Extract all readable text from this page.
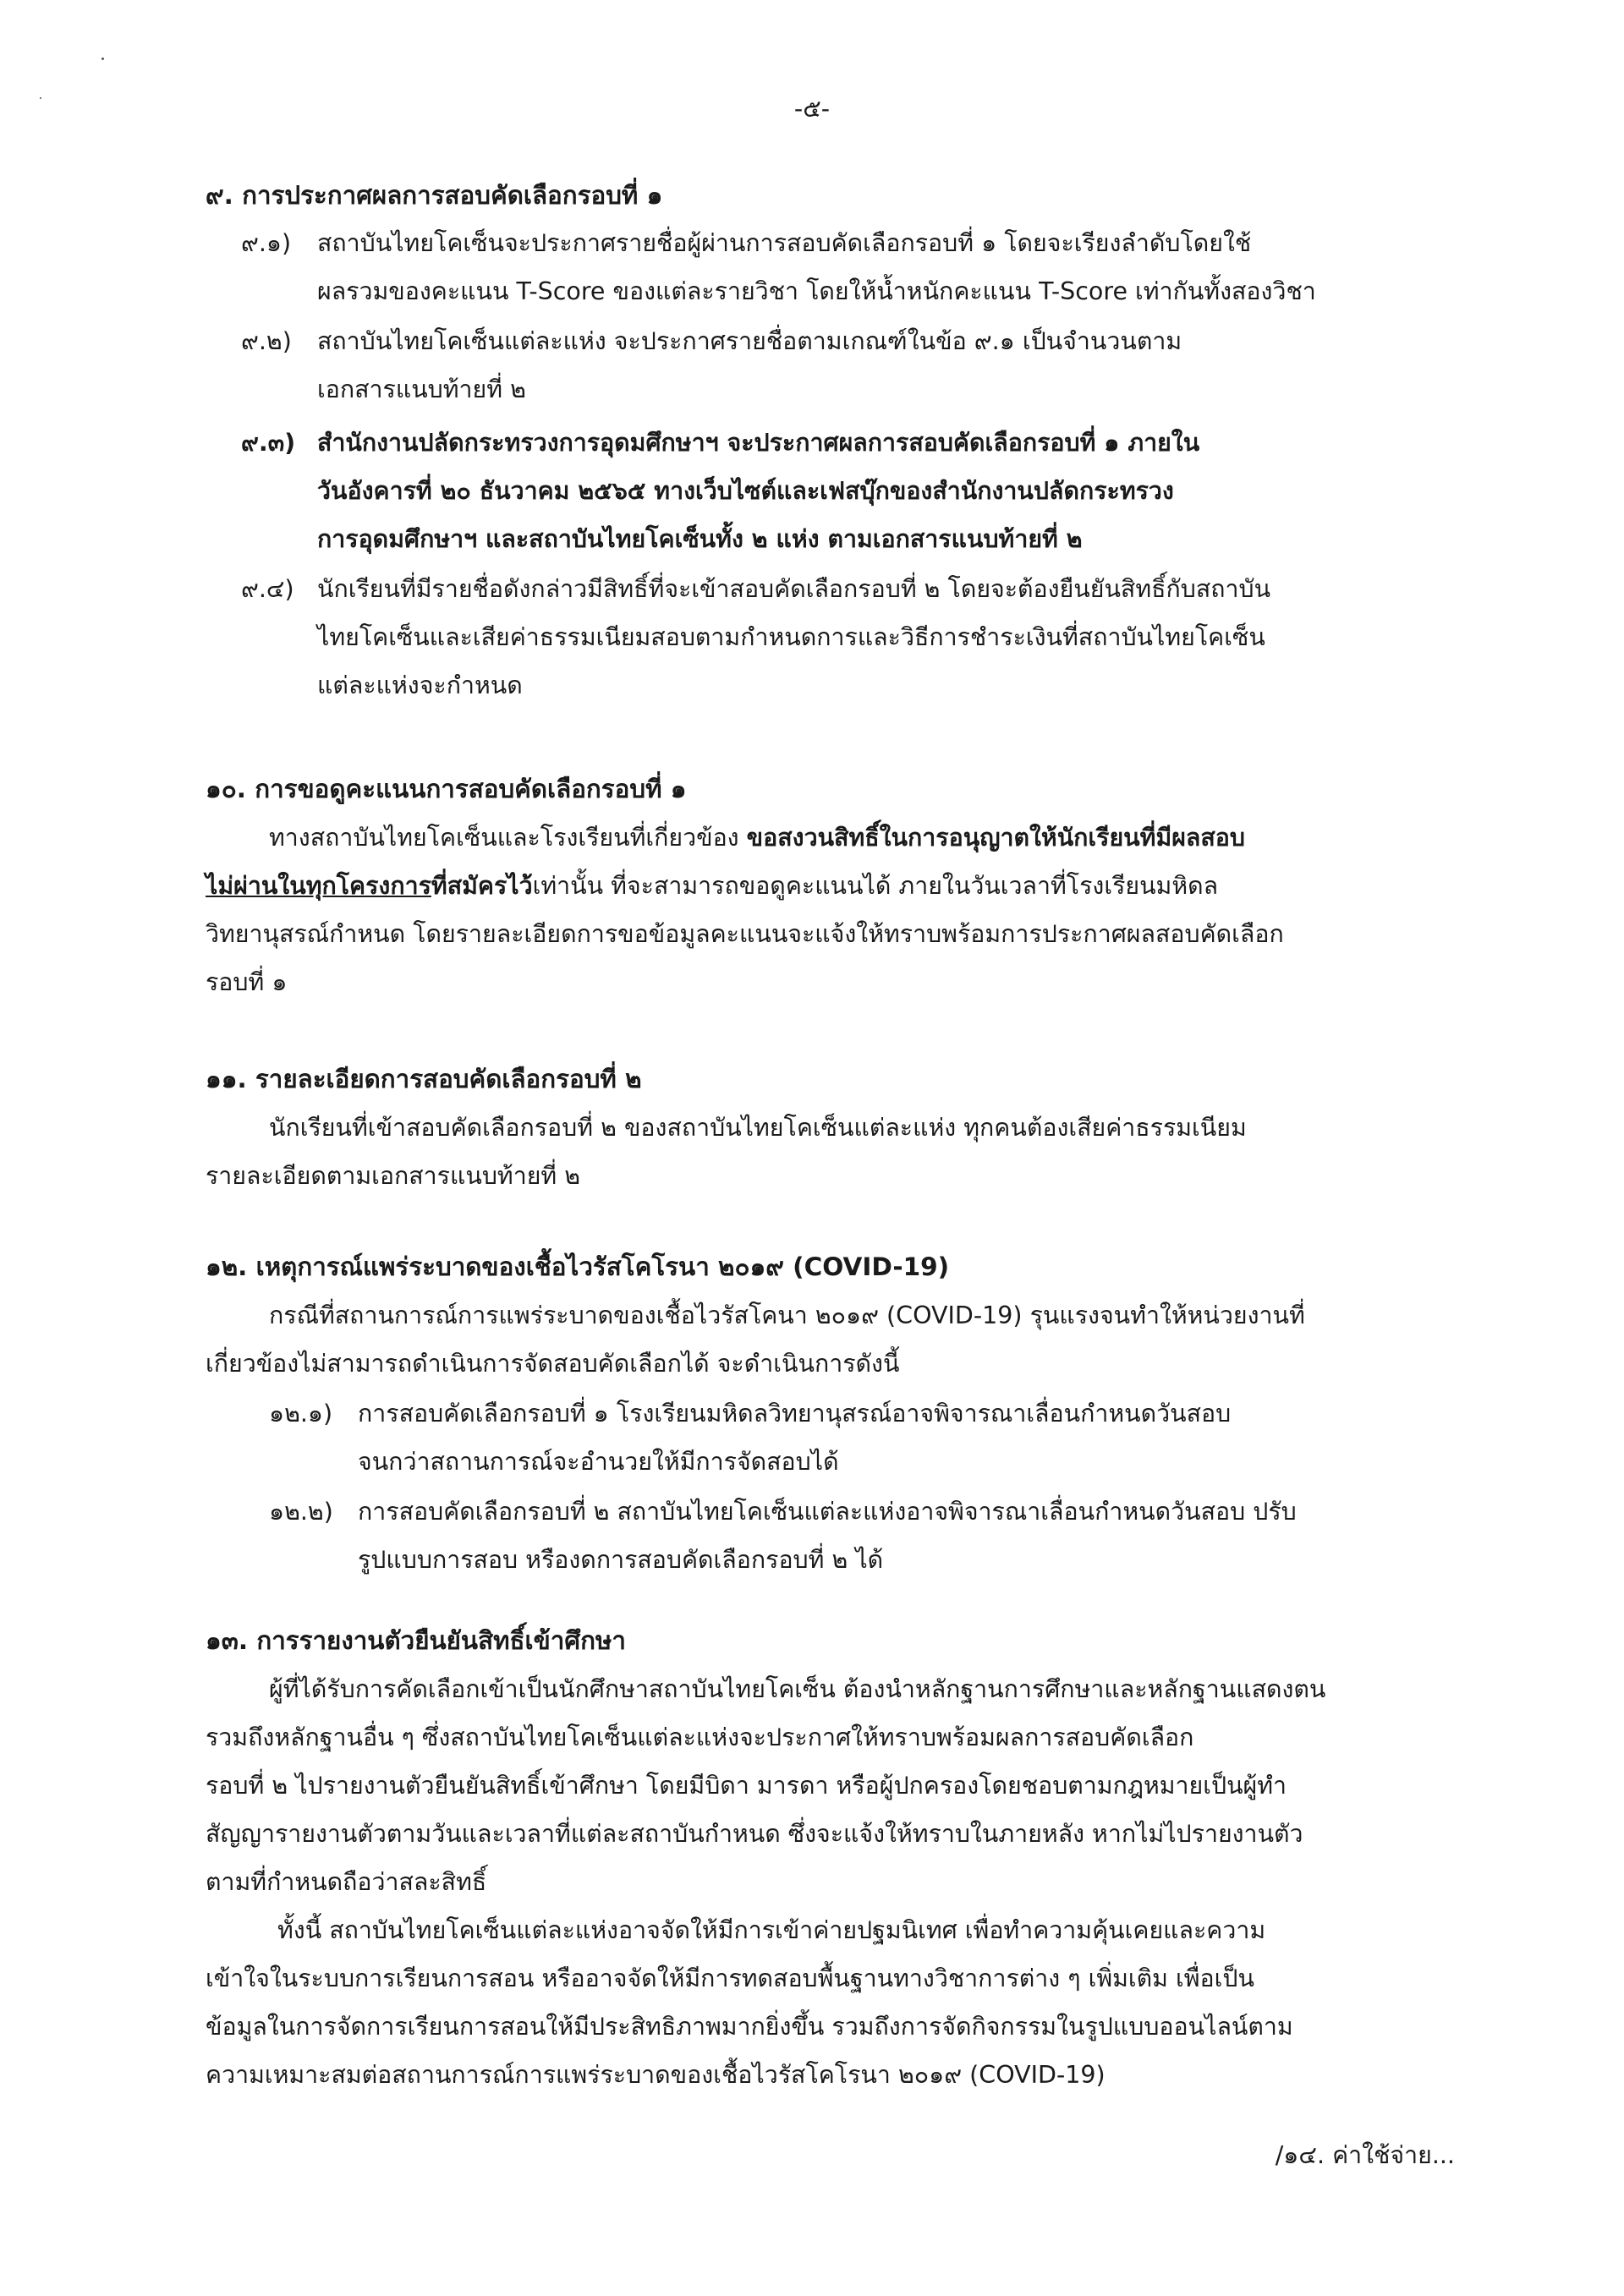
-๕-
๙. การประกาศผลการสอบคัดเลือกรอบที่ ๑
๙.๑) สถาบันไทยโคเซ็นจะประกาศรายชื่อผู้ผ่านการสอบคัดเลือกรอบที่ ๑ โดยจะเรียงลำดับโดยใช้
ผลรวมของคะแนน T-Score ของแต่ละรายวิชา โดยให้น้ำหนักคะแนน T-Score เท่ากันทั้งสองวิชา
๙.๒) สถาบันไทยโคเซ็นแต่ละแห่ง จะประกาศรายชื่อตามเกณฑ์ในข้อ ๙.๑ เป็นจำนวนตาม
เอกสารแนบท้ายที่ ๒
๙.๓) สำนักงานปลัดกระทรวงการอุดมศึกษาฯ จะประกาศผลการสอบคัดเลือกรอบที่ ๑ ภายใน
วันอังคารที่ ๒๐ ธันวาคม ๒๕๖๕ ทางเว็บไซต์และเฟสบุ๊กของสำนักงานปลัดกระทรวง
การอุดมศึกษาฯ และสถาบันไทยโคเซ็นทั้ง ๒ แห่ง ตามเอกสารแนบท้ายที่ ๒
๙.๔) นักเรียนที่มีรายชื่อดังกล่าวมีสิทธิ์ที่จะเข้าสอบคัดเลือกรอบที่ ๒ โดยจะต้องยืนยันสิทธิ์กับสถาบัน
ไทยโคเซ็นและเสียค่าธรรมเนียมสอบตามกำหนดการและวิธีการชำระเงินที่สถาบันไทยโคเซ็น
แต่ละแห่งจะกำหนด
๑๐. การขอดูคะแนนการสอบคัดเลือกรอบที่ ๑
ทางสถาบันไทยโคเซ็นและโรงเรียนที่เกี่ยวข้อง ขอสงวนสิทธิ์ในการอนุญาตให้นักเรียนที่มีผลสอบ
ไม่ผ่านในทุกโครงการที่สมัครไว้เท่านั้น ที่จะสามารถขอดูคะแนนได้ ภายในวันเวลาที่โรงเรียนมหิดล
วิทยานุสรณ์กำหนด โดยรายละเอียดการขอข้อมูลคะแนนจะแจ้งให้ทราบพร้อมการประกาศผลสอบคัดเลือก
รอบที่ ๑
๑๑. รายละเอียดการสอบคัดเลือกรอบที่ ๒
นักเรียนที่เข้าสอบคัดเลือกรอบที่ ๒ ของสถาบันไทยโคเซ็นแต่ละแห่ง ทุกคนต้องเสียค่าธรรมเนียม
รายละเอียดตามเอกสารแนบท้ายที่ ๒
๑๒. เหตุการณ์แพร่ระบาดของเชื้อไวรัสโคโรนา ๒๐๑๙ (COVID-19)
กรณีที่สถานการณ์การแพร่ระบาดของเชื้อไวรัสโคนา ๒๐๑๙ (COVID-19) รุนแรงจนทำให้หน่วยงานที่
เกี่ยวข้องไม่สามารถดำเนินการจัดสอบคัดเลือกได้ จะดำเนินการดังนี้
๑๒.๑) การสอบคัดเลือกรอบที่ ๑ โรงเรียนมหิดลวิทยานุสรณ์อาจพิจารณาเลื่อนกำหนดวันสอบ
จนกว่าสถานการณ์จะอำนวยให้มีการจัดสอบได้
๑๒.๒) การสอบคัดเลือกรอบที่ ๒ สถาบันไทยโคเซ็นแต่ละแห่งอาจพิจารณาเลื่อนกำหนดวันสอบ ปรับ
รูปแบบการสอบ หรืองดการสอบคัดเลือกรอบที่ ๒ ได้
๑๓. การรายงานตัวยืนยันสิทธิ์เข้าศึกษา
ผู้ที่ได้รับการคัดเลือกเข้าเป็นนักศึกษาสถาบันไทยโคเซ็น ต้องนำหลักฐานการศึกษาและหลักฐานแสดงตน
รวมถึงหลักฐานอื่น ๆ ซึ่งสถาบันไทยโคเซ็นแต่ละแห่งจะประกาศให้ทราบพร้อมผลการสอบคัดเลือก
รอบที่ ๒ ไปรายงานตัวยืนยันสิทธิ์เข้าศึกษา โดยมีบิดา มารดา หรือผู้ปกครองโดยชอบตามกฎหมายเป็นผู้ทำ
สัญญารายงานตัวตามวันและเวลาที่แต่ละสถาบันกำหนด ซึ่งจะแจ้งให้ทราบในภายหลัง หากไม่ไปรายงานตัว
ตามที่กำหนดถือว่าสละสิทธิ์
ทั้งนี้ สถาบันไทยโคเซ็นแต่ละแห่งอาจจัดให้มีการเข้าค่ายปฐมนิเทศ เพื่อทำความคุ้นเคยและความ
เข้าใจในระบบการเรียนการสอน หรืออาจจัดให้มีการทดสอบพื้นฐานทางวิชาการต่าง ๆ เพิ่มเติม เพื่อเป็น
ข้อมูลในการจัดการเรียนการสอนให้มีประสิทธิภาพมากยิ่งขึ้น รวมถึงการจัดกิจกรรมในรูปแบบออนไลน์ตาม
ความเหมาะสมต่อสถานการณ์การแพร่ระบาดของเชื้อไวรัสโคโรนา ๒๐๑๙ (COVID-19)
/๑๔. ค่าใช้จ่าย...
